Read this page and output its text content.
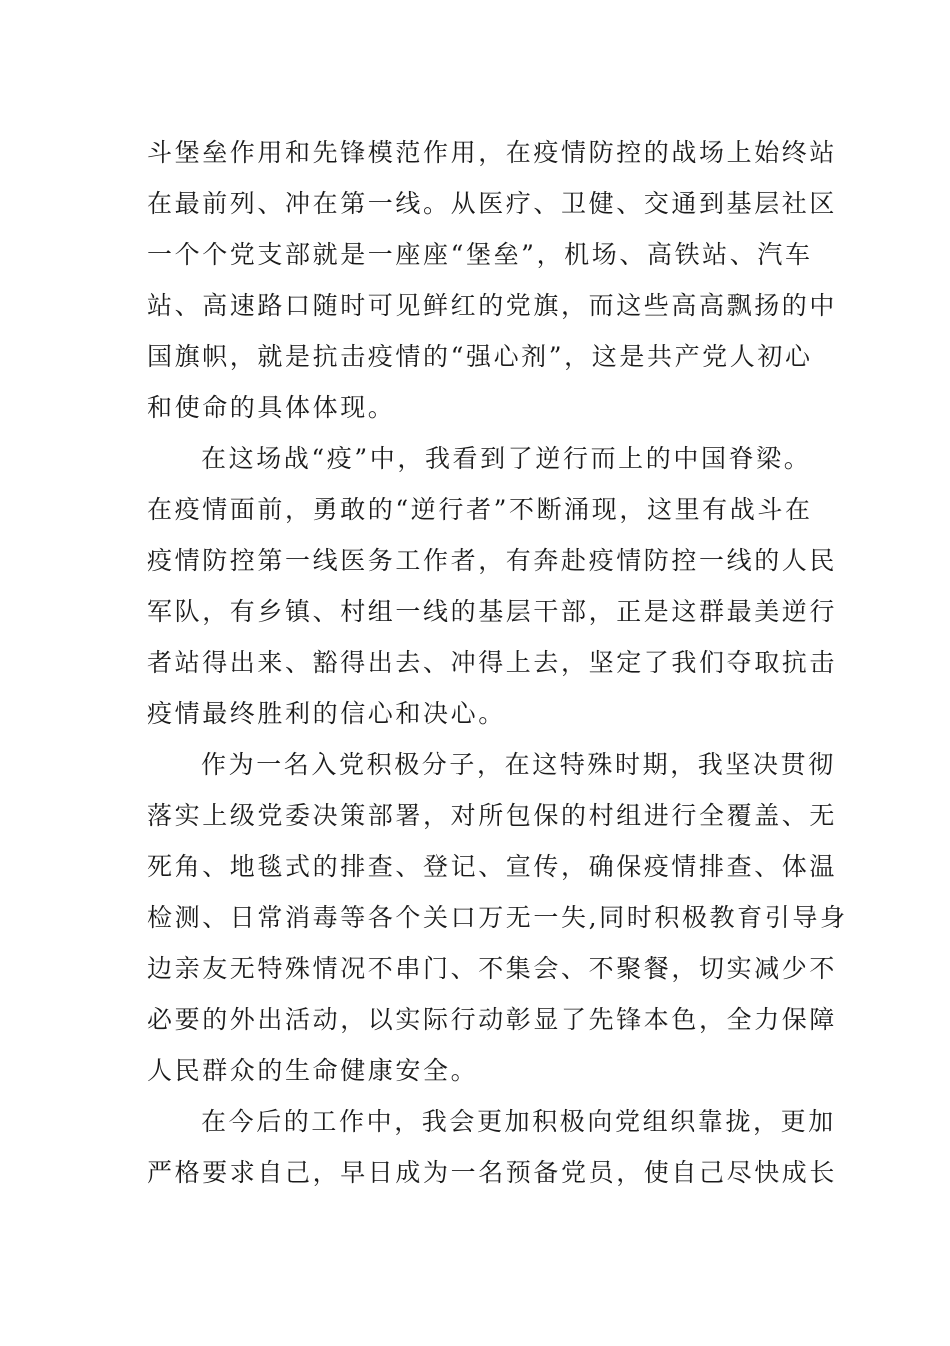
斗堡垒作用和先锋模范作用，在疫情防控的战场上始终站
在最前列、冲在第一线。从医疗、卫健、交通到基层社区
一个个党支部就是一座座“堡垒”，机场、高铁站、汽车
站、高速路口随时可见鲜红的党旗，而这些高高飘扬的中
国旗帜，就是抗击疫情的“强心剂”，这是共产党人初心
和使命的具体体现。
在这场战“疫”中，我看到了逆行而上的中国脊梁。
在疫情面前，勇敢的“逆行者”不断涌现，这里有战斗在
疫情防控第一线医务工作者，有奔赴疫情防控一线的人民
军队，有乡镇、村组一线的基层干部，正是这群最美逆行
者站得出来、豁得出去、冲得上去，坚定了我们夺取抗击
疫情最终胜利的信心和决心。
作为一名入党积极分子，在这特殊时期，我坚决贯彻
落实上级党委决策部署，对所包保的村组进行全覆盖、无
死角、地毯式的排查、登记、宣传，确保疫情排查、体温
检测、日常消毒等各个关口万无一失,同时积极教育引导身
边亲友无特殊情况不串门、不集会、不聚餐，切实减少不
必要的外出活动，以实际行动彰显了先锋本色，全力保障
人民群众的生命健康安全。
在今后的工作中，我会更加积极向党组织靠拢，更加
严格要求自己，早日成为一名预备党员，使自己尽快成长
